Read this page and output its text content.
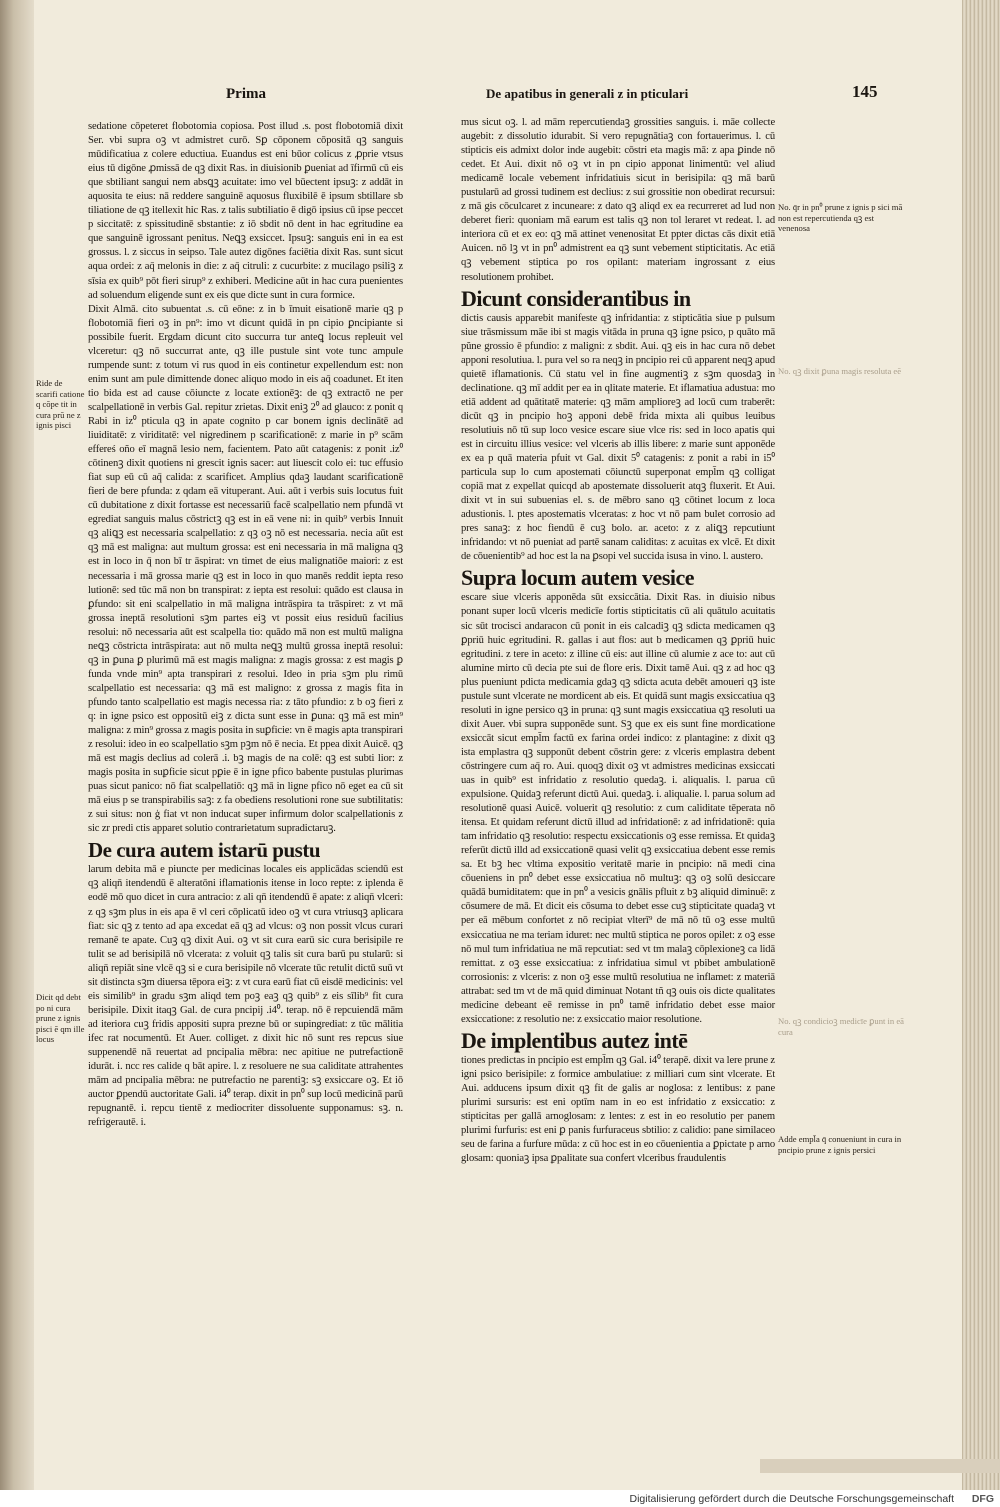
Prima	De apatibus in generali z in pticulari	145

sedatione cōpeteret flobotomia copiosa. Post illud .s. post flobotomiā dixit Ser. vbi supra oꝫ vt admistret curō. Sꝑ cōponem cōpositā qꝫ sanguis mūdificatiua z colere eductiua. Euandus est eni būor colicus z ꝓprie vtsus eius tū digōne ꝓmissā de qꝫ dixit Ras. in diuisionib ꝑueniat ad īfirmū cū eis que sbtiliant sangui nem absꝗꝫ acuitate: imo vel būectent ipsuꝫ: z addāt in aquosita te eius: nā reddere sanguinē aquosus fluxibilē ē ipsum sbtillare sb tiliatione de qꝫ itellexit hic Ras. z talis subtiliatio ē digō ipsius cū ipse peccet p siccitatē: z spissitudinē sbstantie: z iō sbdit nō dent in hac egritudine ea que sanguinē igrossant penitus. Neꝗꝫ exsiccet. Ipsuꝫ: sanguis eni in ea est grossus. l. z siccus in seipso. Tale autez digōnes faciētia dixit Ras. sunt sicut aqua ordei: z aq̄ melonis in die: z aq̄ citruli: z cucurbite: z mucilago psiliꝫ z sīsia ex quib⁹ pōt fieri sirup⁹ z exhiberi. Medicine aūt in hac cura puenientes ad soluendum eligende sunt ex eis que dicte sunt in cura formice.

Dixit Almā. cito subuentat .s. cū eōne: z in b īmuit eisationē marie qꝫ p flobotomiā fieri oꝫ in pn⁹: imo vt dicunt quidā in pn cipio ꝑncipiante si possibile fuerit. Ergdam dicunt cito succurra tur anteꝗ locus repleuit vel vlceretur: qꝫ nō succurrat ante, qꝫ ille pustule sint vote tunc ampule rumpende sunt: z totum vi rus quod in eis continetur expellendum est: non enim sunt am pule dimittende donec aliquo modo in eis aq̄ coadunet. Et iten tio bida est ad cause cōiuncte z locate extionēꝫ: de qꝫ extractō ne per scalpellationē in verbis Gal. repitur zrietas. Dixit eniꝫ 2⁰ ad glauco: z ponit q Rabi in iz⁰ pticula qꝫ in apate cognito p car bonem ignis declinātē ad liuiditatē: z viriditatē: vel nigredinem p scarificationē: z marie in p⁹ scām effereś oño eī magnā lesio nem, facientem. Pato aūt catagenis: z ponit .iz⁰ cōtinenꝫ dixit quotiens ni grescit ignis sacer: aut liuescit colo ei: tuc effusio fiat sup eū cū aq̄ calida: z scarificet. Amplius qdaꝫ laudant scarificationē fieri de bere pfunda: z qdam eā vituperant. Aui. aūt i verbis suis locutus fuit cū dubitatione z dixit fortasse est necessariū facē scalpellatio nem pfundā vt egrediat sanguis malus cōstrictꝫ qꝫ est in eā vene ni: in quib⁹ verbis Innuit qꝫ aliꝗꝫ est necessaria scalpellatio: z qꝫ oꝫ nō est necessaria. necia aūt est qꝫ mā est maligna: aut multum grossa: est eni necessaria in mā maligna qꝫ est in loco in q̄ non bī tr āspirat: vn timet de eius malignatiōe maiori: z est necessaria i mā grossa marie qꝫ est in loco in quo manēs reddit iepta reso lutionē: sed tūc mā non bn transpirat: z iepta est resolui: quādo est clausa in ꝑfundo: sit eni scalpellatio in mā maligna intrāspira ta trāspiret: z vt mā grossa ineptā resolutioni sꝫm partes eiꝫ vt possit eius residuū facilius resolui: nō necessaria aūt est scalpella tio: quādo mā non est multū maligna neꝗꝫ cōstricta intrāspirata: aut nō multa neꝗꝫ multū grossa ineptā resolui: qꝫ in ꝑuna ꝑ plurimū mā est magis maligna: z magis grossa: z est magis ꝑ funda vnde min⁹ apta transpirari z resolui. Ideo in pria sꝫm plu rimū scalpellatio est necessaria: qꝫ mā est maligno: z grossa z magis fita in pfundo tanto scalpellatio est magis necessa ria: z tāto pfundio: z b oꝫ fieri z q: in igne psico est oppositū eiꝫ z dicta sunt esse in ꝑuna: qꝫ mā est min⁹ maligna: z min⁹ grossa z magis posita in suꝑficie: vn ē magis apta transpirari z resolui: ideo in eo scalpellatio sꝫm pꝫm nō ē necia. Et ppea dixit Auicē. qꝫ mā est magis declius ad colerā .i. bꝫ magis de na colē: qꝫ est subti lior: z magis posita in suꝑficie sicut pꝑie ē in igne pfico babente pustulas plurimas puas sicut panico: nō fiat scalpellatiō: qꝫ mā in ligne pfico nō eget ea cū sit mā eius p se transpirabilis saꝫ: z fa obediens resolutioni rone sue subtilitatis: z sui situs: non ģ fiat vt non inducat super infirmum dolor scalpellationis z sic zr predi ctis apparet solutio contrarietatum supradictaruꝫ.

De cura autem istarū pustu

larum debita mā e piuncte per medicinas locales eis applicādas sciendū est qꝫ aliqn̄ itendendū ē alteratōni iflamationis itense in loco repte: z iplenda ē eodē mō quo dicet in cura antracio: z ali qn̄ itendendū ē apate: z aliqn̄ vlceri: z qꝫ sꝫm plus in eis apa ē vl ceri cōplicatū ideo oꝫ vt cura vtriusqꝫ aplicara fiat: sic qꝫ z tento ad apa excedat eā qꝫ ad vlcus: oꝫ non possit vlcus curari remanē te apate. Cuꝫ qꝫ dixit Aui. oꝫ vt sit cura earū sic cura berisipile re tulit se ad berisipilā nō vlcerata: z voluit qꝫ talis sit cura barū pu stularū: si aliqn̄ repiāt sine vlcē qꝫ si e cura berisipile nō vlcerate tūc retulit dictū suū vt sit distincta sꝫm diuersa tēpora eiꝫ: z vt cura earū fiat cū eisdē medicinis: vel eis similib⁹ in gradu sꝫm aliqd tem poꝫ eaꝫ qꝫ quib⁹ z eis sīlib⁹ fit cura berisipile. Dixit itaqꝫ Gal. de cura pncipij .i4⁰. terap. nō ē repcuiendā mām ad iteriora cuꝫ fridis appositi supra prezne bū or supingrediat: z tūc mālitia ifec rat nocumentū. Et Auer. colliget. z dixit hic nō sunt res repcus siue suppenendē nā reuertat ad pncipalia mēbra: nec apitiue ne putrefactionē idurāt. i. ncc res calide q bāt apire. l. z resoluere ne sua caliditate attrahentes mām ad pncipalia mēbra: ne putrefactio ne parentiꝫ: sꝫ exsiccare oꝫ. Et iō auctor ꝑpendū auctoritate Gali. i4⁰ terap. dixit in pn⁰ sup locū medicinā parū repugnantē. i. repcu tientē z mediocriter dissoluente supponamus: sꝫ. n. refrigerautē. i.

mus sicut oꝫ. l. ad mām repercutiendaꝫ grossities sanguis. i. māe collecte augebit: z dissolutio idurabit. Si vero repugnātiaꝫ con fortauerimus. l. cū stipticis eis admixt dolor inde augebit: cōstri eta magis mā: z apa ꝑinde nō cedet. Et Aui. dixit nō oꝫ vt in pn cipio apponat linimentū: vel aliud medicamē locale vebement infridatiuis sicut in berisipila: qꝫ mā barū pustularū ad grossi tudinem est declius: z sui grossitie non obedirat recursui: z mā gis cōculcaret z incuneare: z dato qꝫ aliqd ex ea recurreret ad lud non deberet fieri: quoniam mā earum est talis qꝫ non tol leraret vt redeat. l. ad interiora cū et ex eo: qꝫ mā attinet venenositat Et ppter dictas cās dixit etiā Auicen. nō lꝫ vt in pn⁰ admistrent ea qꝫ sunt vebement stipticitatis. Ac etiā qꝫ vebement stiptica po ros opilant: materiam ingrossant z eius resolutionem prohibet.

Dicunt considerantibus in

dictis causis apparebit manifeste qꝫ infridantia: z stipticātia siue p pulsum siue trāsmissum māe ibi st magis vitāda in pruna qꝫ igne psico, p quāto mā pŭne grossio ē pfundio: z maligni: z sbdit. Aui. qꝫ eis in hac cura nō debet apponi resolutiua. l. pura vel so ra neqꝫ in pncipio rei cū apparent neqꝫ apud quietē iflamationis. Cū statu vel in fine augmentiꝫ z sꝫm quosdaꝫ in declinatione. qꝫ mī addit per ea in qlitate materie. Et iflamatiua adustua: mo etiā addent ad quātitatē materie: qꝫ mām amplioreꝫ ad locū cum traberēt: dicūt qꝫ in pncipio hoꝫ apponi debē frida mixta ali quibus leuibus resolutiuis nō tū sup loco vesice escare siue vlce ris: sed in loco apatis qui est in circuitu illius vesice: vel vlceris ab illis libere: z marie sunt apponēde ex ea p quā materia pfuit vt Gal. dixit 5⁰ catagenis: z ponit a rabi in i5⁰ particula sup lo cum apostemati cōiunctū superponat empl̄m qꝫ colligat copiā mat z expellat quicqd ab apostemate dissoluerit atqꝫ fluxerit. Et Aui. dixit vt in sui subuenias el. s. de mēbro sano qꝫ cōtinet locum z loca adustionis. l. ptes apostematis vlceratas: z hoc vt nō pam bulet corrosio ad pres sanaꝫ: z hoc fiendū ē cuꝫ bolo. ar. aceto: z z aliꝗꝫ repcutiunt infridando: vt nō pueniat ad partē sanam caliditas: z acuitas ex vlcē. Et dixit de cōuenientib⁹ ad hoc est la na ꝑsopi vel succida isusa in vino. l. austero.

Supra locum autem vesice

escare siue vlceris apponēda sūt exsiccātia. Dixit Ras. in diuisio nibus ponant super locū vlceris medicīe fortis stipticitatis cū ali quātulo acuitatis sic sūt trocisci andaracon cū ponit in eis calcadiꝫ qꝫ sdicta medicamen qꝫ ꝑpriū huic egritudini. R. gallas i aut flos: aut b medicamen qꝫ ꝑpriū huic egritudini. z tere in aceto: z illine cū eis: aut illine cū alumie z ace to: aut cū alumine mirto cū decia pte sui de flore eris. Dixit tamē Aui. qꝫ z ad hoc qꝫ plus pueniunt pdicta medicamia gdaꝫ qꝫ sdicta acuta debēt amoueri qꝫ iste pustule sunt vlcerate ne mordicent ab eis. Et quidā sunt magis exsiccatiua qꝫ resoluti in igne persico qꝫ in pruna: qꝫ sunt magis exsiccatiua qꝫ resoluti ua dixit Auer. vbi supra supponēde sunt. Sꝫ que ex eis sunt fine mordicatione exsiccāt sicut empl̄m factū ex farina ordei indico: z plantagine: z dixit qꝫ ista emplastra qꝫ supponūt debent cōstrin gere: z vlceris emplastra debent cōstringere cum aq̄ ro. Aui. quoqꝫ dixit oꝫ vt admistres medicinas exsiccati uas in quib⁹ est infridatio z resolutio quedaꝫ. i. aliqualis. l. parua cū expulsione. Quidaꝫ referunt dictū Aui. quedaꝫ. i. aliqualie. l. parua solum ad resolutionē quasi Auicē. voluerit qꝫ resolutio: z cum caliditate tēperata nō itensa. Et quidam referunt dictū illud ad infridationē: z ad infridationē: quia tam infridatio qꝫ resolutio: respectu exsiccationis oꝫ esse remissa. Et quidaꝫ referūt dictū illd ad exsiccationē quasi velit qꝫ exsiccatiua debent esse remis sa. Et bꝫ hec vltima expositio veritatē marie in pncipio: nā medi cina cōueniens in pn⁰ debet esse exsiccatiua nō multuꝫ: qꝫ oꝫ solū desiccare quādā bumiditatem: que in pn⁰ a vesicis gnālis pfluit z bꝫ aliquid diminuē: z cōsumere de mā. Et dicit eis cōsuma to debet esse cuꝫ stipticitate quadaꝫ vt per eā mēbum confortet z nō recipiat vlterī⁹ de mā nō tū oꝫ esse multū exsiccatiua ne ma teriam iduret: nec multū stiptica ne poros opilet: z oꝫ esse nō mul tum infridatiua ne mā repcutiat: sed vt tm malaꝫ cōplexioneꝫ ca lidā remittat. z oꝫ esse exsiccatiua: z infridatiua simul vt pbibet ambulationē corrosionis: z vlceris: z non oꝫ esse multū resolutiua ne inflamet: z materiā attrabat: sed tm vt de mā quid diminuat Notant tñ qꝫ ouis ois dicte qualitates medicine debeant eē remisse in pn⁰ tamē infridatio debet esse maior exsiccatione: z resolutio ne: z exsiccatio maior resolutione.

De implentibus autez intē

tiones predictas in pncipio est empl̄m qꝫ Gal. i4⁰ terapē. dixit va lere prune z igni psico berisipile: z formice ambulatiue: z milliari cum sint vlcerate. Et Aui. adducens ipsum dixit qꝫ fit de galis ar noglosa: z lentibus: z pane plurimi sursuris: est eni optīm nam in eo est infridatio z exsiccatio: z stipticitas per gallā arnoglosam: z lentes: z est in eo resolutio per panem plurimi furfuris: est eni ꝑ panis furfuraceus sbtilio: z calidio: pane similaceo seu de farina a furfure mūda: z cū hoc est in eo cōuenientia a ꝑpictate p arno glosam: quoniaꝫ ipsa ꝑpalitate sua confert vlceribus fraudulentis

Ride de scarifi catione q cōpe tit in cura prū ne z ignis pisci
Dicit qd debt po ni cura prune z ignis pisci ē qm ille locus
No. q̄r in pn⁰ prune z ignis p sici mā non est repercutienda qꝫ est venenosa
No. qꝫ dixit ꝑuna magis resoluta eē
No. qꝫ condicioꝫ medicīe ꝑunt in eā cura
Adde empl̄a q̄ conueniunt in cura in pncipio prune z ignis persici
Digitalisierung gefördert durch die Deutsche Forschungsgemeinschaft DFG
